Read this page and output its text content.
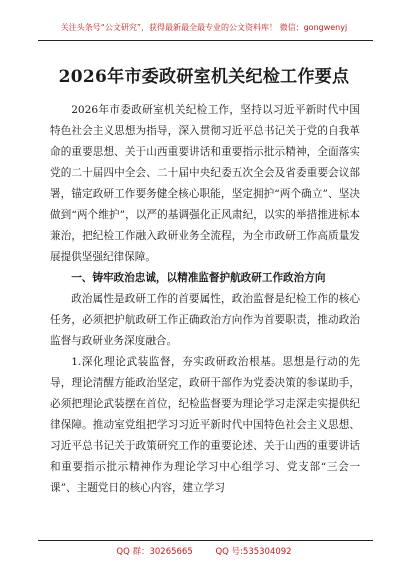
关注头条号“公文研究”，获得最新最全最专业的公文资料库！ 微信：gongwenyj
2026年市委政研室机关纪检工作要点

2026年市委政研室机关纪检工作，坚持以习近平新时代中国特色社会主义思想为指导，深入贯彻习近平总书记关于党的自我革命的重要思想、关于山西重要讲话和重要指示批示精神，全面落实党的二十届四中全会、二十届中央纪委五次全会及省委重要会议部署，锚定政研工作要务健全核心职能，坚定拥护“两个确立”、坚决做到“两个维护”，以严的基调强化正风肃纪，以实的举措推进标本兼治，把纪检工作融入政研业务全流程，为全市政研工作高质量发展提供坚强纪律保障。

一、铸牢政治忠诚，以精准监督护航政研工作政治方向

政治属性是政研工作的首要属性，政治监督是纪检工作的核心任务，必须把护航政研工作正确政治方向作为首要职责，推动政治监督与政研业务深度融合。

1.深化理论武装监督，夯实政研政治根基。思想是行动的先导，理论清醒方能政治坚定，政研干部作为党委决策的参谋助手，必须把理论武装摆在首位，纪检监督要为理论学习走深走实提供纪律保障。推动室党组把学习习近平新时代中国特色社会主义思想、习近平总书记关于政策研究工作的重要论述、关于山西的重要讲话和重要指示批示精神作为理论学习中心组学习、党支部“三会一课”、主题党日的核心内容，建立学习

QQ 群：30265665	QQ 号:535304092
